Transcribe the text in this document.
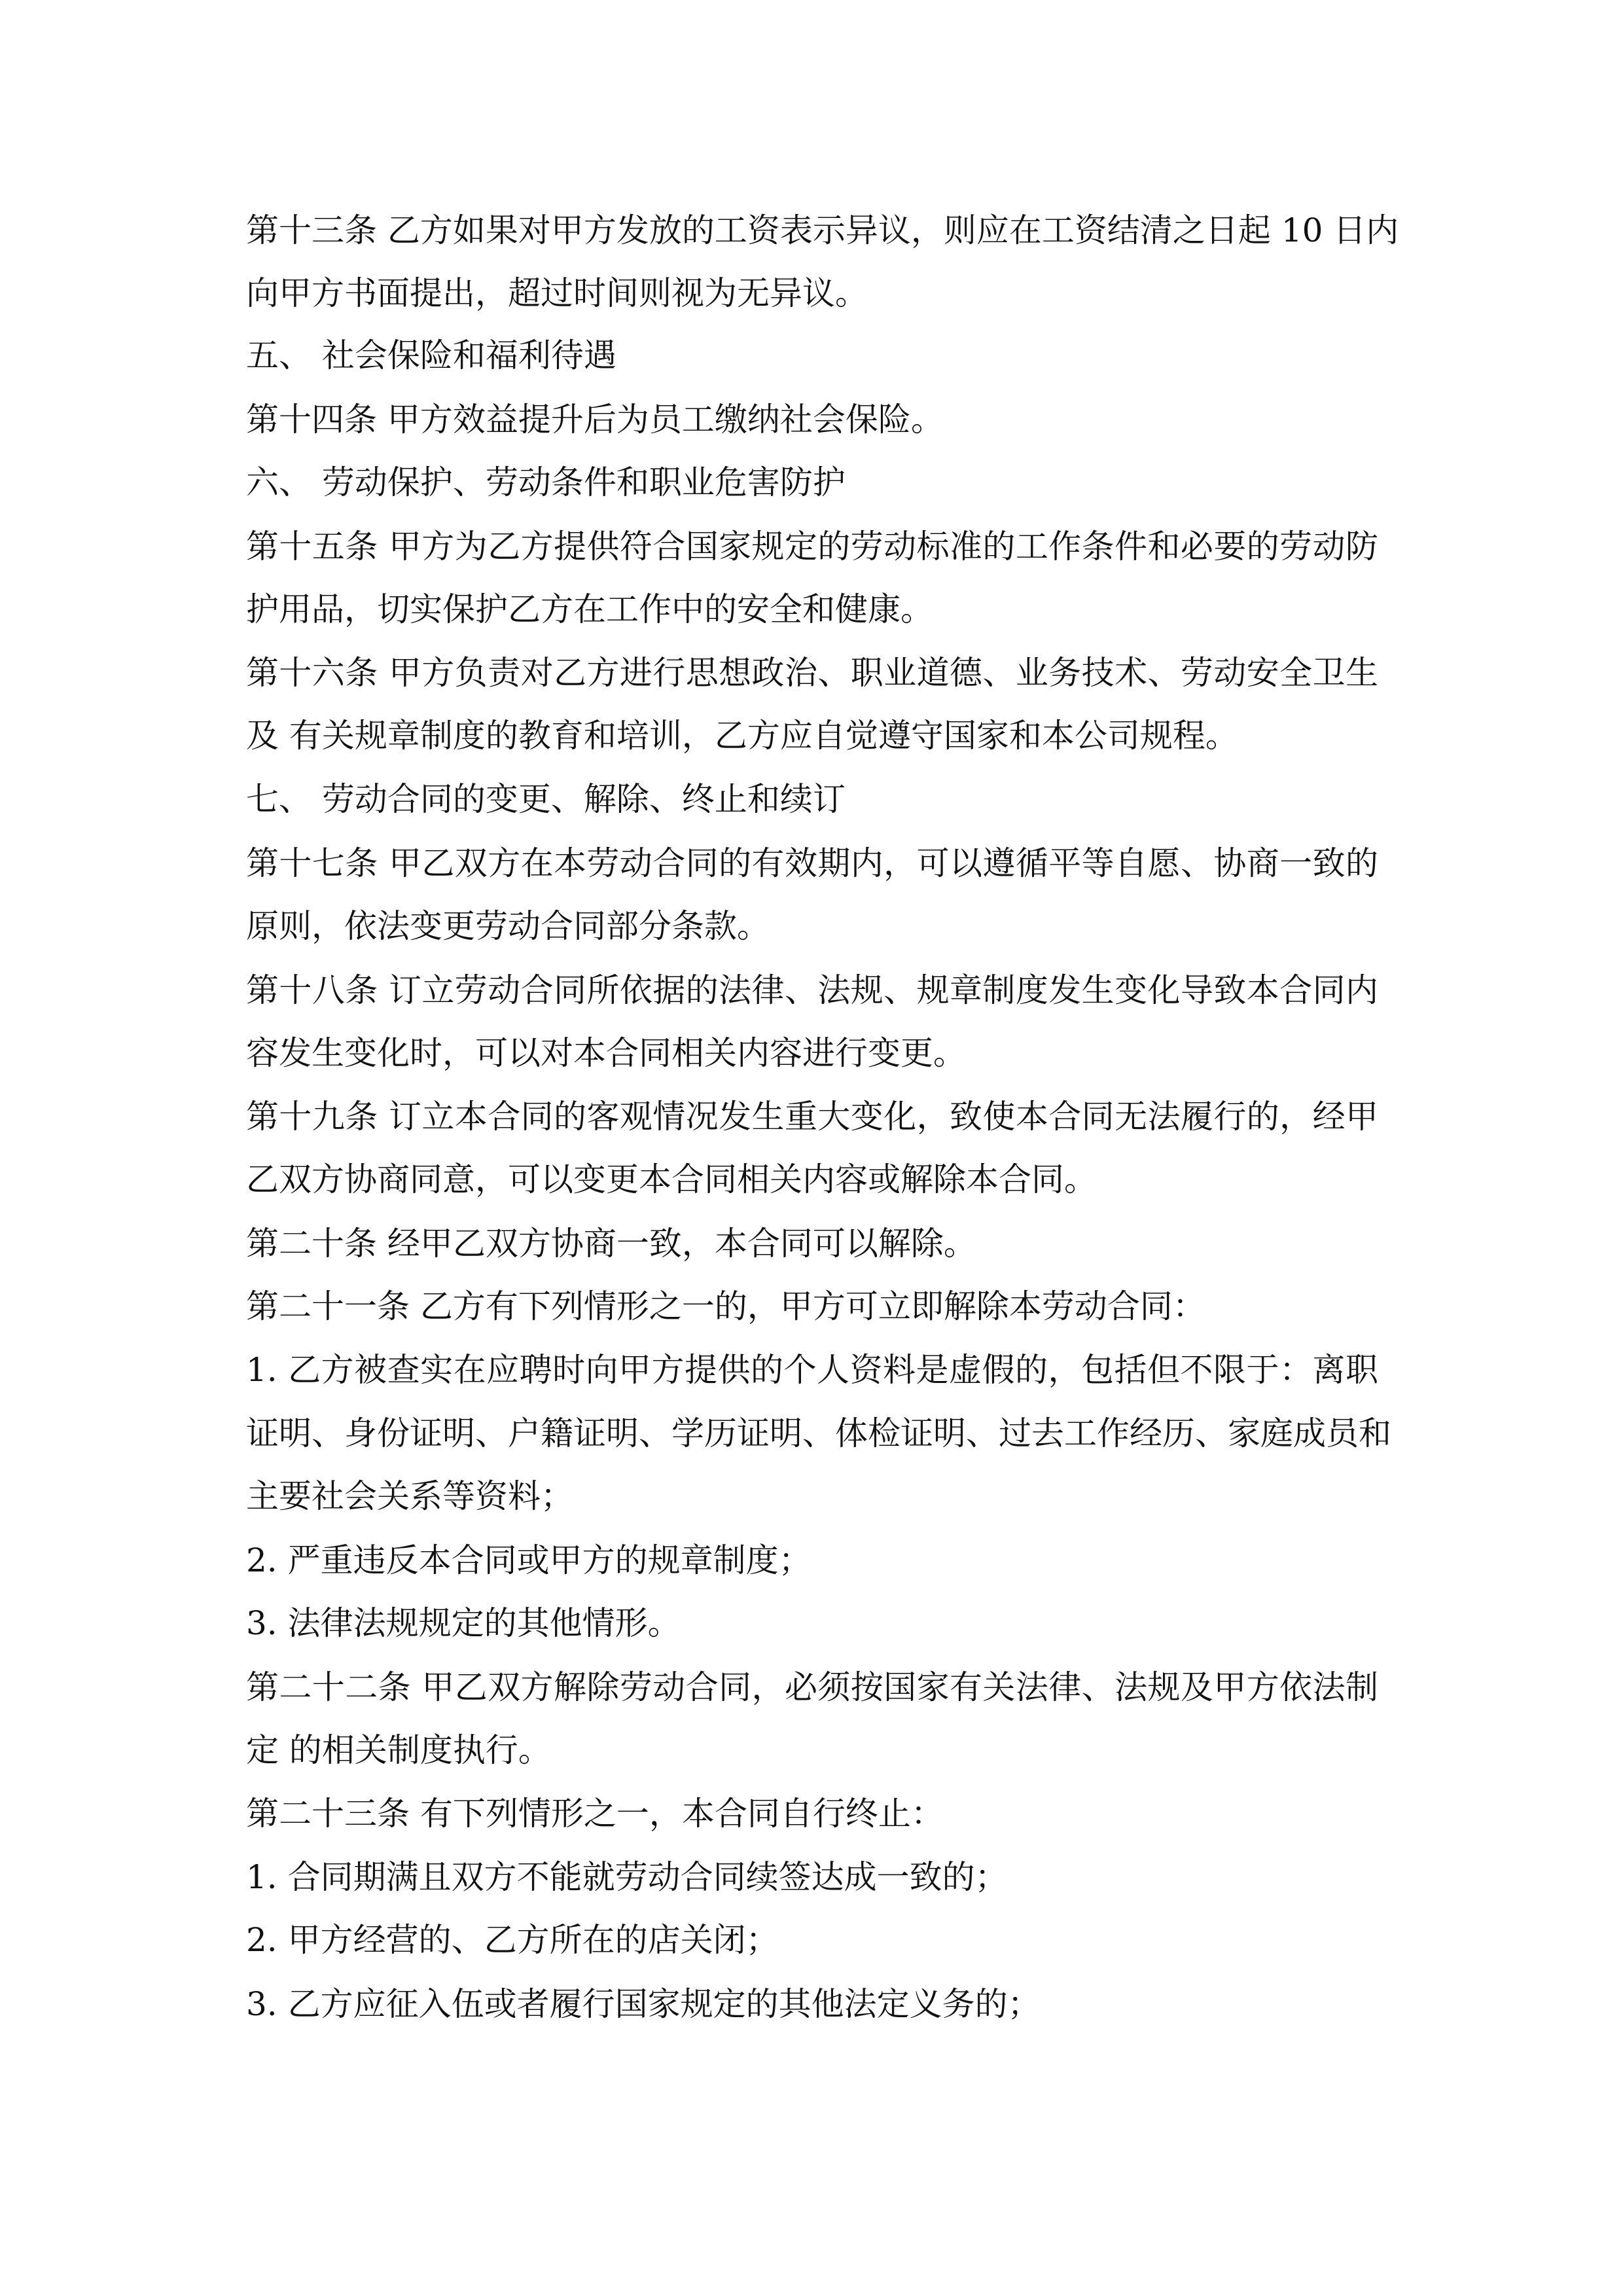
第十三条 乙方如果对甲方发放的工资表示异议，则应在工资结清之日起 10 日内
向甲方书面提出，超过时间则视为无异议。
五、 社会保险和福利待遇
第十四条 甲方效益提升后为员工缴纳社会保险。
六、 劳动保护、劳动条件和职业危害防护
第十五条 甲方为乙方提供符合国家规定的劳动标准的工作条件和必要的劳动防
护用品，切实保护乙方在工作中的安全和健康。
第十六条 甲方负责对乙方进行思想政治、职业道德、业务技术、劳动安全卫生
及 有关规章制度的教育和培训，乙方应自觉遵守国家和本公司规程。
七、 劳动合同的变更、解除、终止和续订
第十七条 甲乙双方在本劳动合同的有效期内，可以遵循平等自愿、协商一致的
原则，依法变更劳动合同部分条款。
第十八条 订立劳动合同所依据的法律、法规、规章制度发生变化导致本合同内
容发生变化时，可以对本合同相关内容进行变更。
第十九条 订立本合同的客观情况发生重大变化，致使本合同无法履行的，经甲
乙双方协商同意，可以变更本合同相关内容或解除本合同。
第二十条 经甲乙双方协商一致，本合同可以解除。
第二十一条 乙方有下列情形之一的，甲方可立即解除本劳动合同：
1. 乙方被查实在应聘时向甲方提供的个人资料是虚假的，包括但不限于：离职
证明、身份证明、户籍证明、学历证明、体检证明、过去工作经历、家庭成员和
主要社会关系等资料；
2. 严重违反本合同或甲方的规章制度；
3. 法律法规规定的其他情形。
第二十二条 甲乙双方解除劳动合同，必须按国家有关法律、法规及甲方依法制
定 的相关制度执行。
第二十三条 有下列情形之一，本合同自行终止：
1. 合同期满且双方不能就劳动合同续签达成一致的；
2. 甲方经营的、乙方所在的店关闭；
3. 乙方应征入伍或者履行国家规定的其他法定义务的；
